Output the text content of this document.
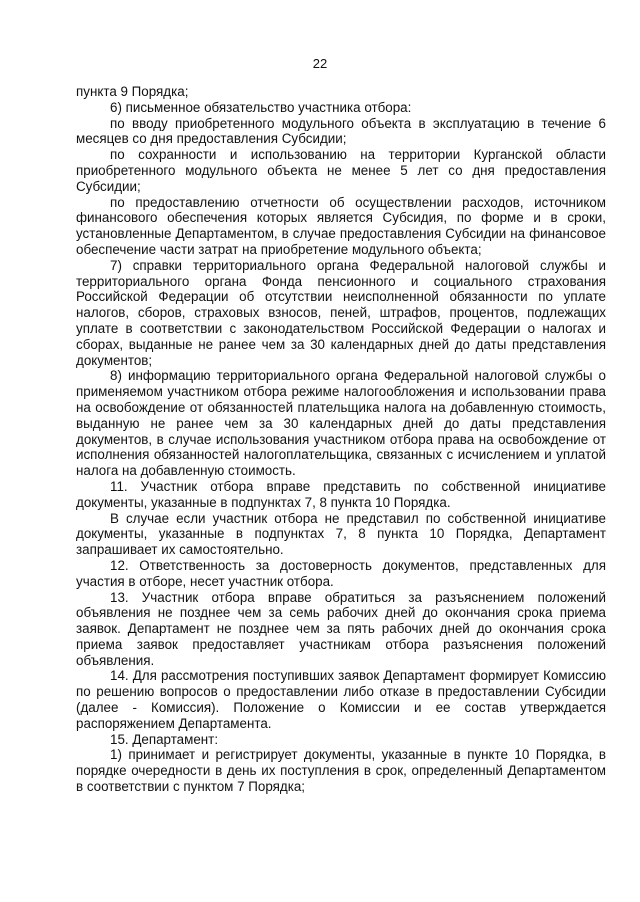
22

пункта 9 Порядка;

6) письменное обязательство участника отбора:

по вводу приобретенного модульного объекта в эксплуатацию в течение 6 месяцев со дня предоставления Субсидии;

по сохранности и использованию на территории Курганской области приобретенного модульного объекта не менее 5 лет со дня предоставления Субсидии;

по предоставлению отчетности об осуществлении расходов, источником финансового обеспечения которых является Субсидия, по форме и в сроки, установленные Департаментом, в случае предоставления Субсидии на финансовое обеспечение части затрат на приобретение модульного объекта;

7) справки территориального органа Федеральной налоговой службы и территориального органа Фонда пенсионного и социального страхования Российской Федерации об отсутствии неисполненной обязанности по уплате налогов, сборов, страховых взносов, пеней, штрафов, процентов, подлежащих уплате в соответствии с законодательством Российской Федерации о налогах и сборах, выданные не ранее чем за 30 календарных дней до даты представления документов;

8) информацию территориального органа Федеральной налоговой службы о применяемом участником отбора режиме налогообложения и использовании права на освобождение от обязанностей плательщика налога на добавленную стоимость, выданную не ранее чем за 30 календарных дней до даты представления документов, в случае использования участником отбора права на освобождение от исполнения обязанностей налогоплательщика, связанных с исчислением и уплатой налога на добавленную стоимость.

11. Участник отбора вправе представить по собственной инициативе документы, указанные в подпунктах 7, 8 пункта 10 Порядка.

В случае если участник отбора не представил по собственной инициативе документы, указанные в подпунктах 7, 8 пункта 10 Порядка, Департамент запрашивает их самостоятельно.

12. Ответственность за достоверность документов, представленных для участия в отборе, несет участник отбора.

13. Участник отбора вправе обратиться за разъяснением положений объявления не позднее чем за семь рабочих дней до окончания срока приема заявок. Департамент не позднее чем за пять рабочих дней до окончания срока приема заявок предоставляет участникам отбора разъяснения положений объявления.

14. Для рассмотрения поступивших заявок Департамент формирует Комиссию по решению вопросов о предоставлении либо отказе в предоставлении Субсидии (далее - Комиссия). Положение о Комиссии и ее состав утверждается распоряжением Департамента.

15. Департамент:

1) принимает и регистрирует документы, указанные в пункте 10 Порядка, в порядке очередности в день их поступления в срок, определенный Департаментом в соответствии с пунктом 7 Порядка;
